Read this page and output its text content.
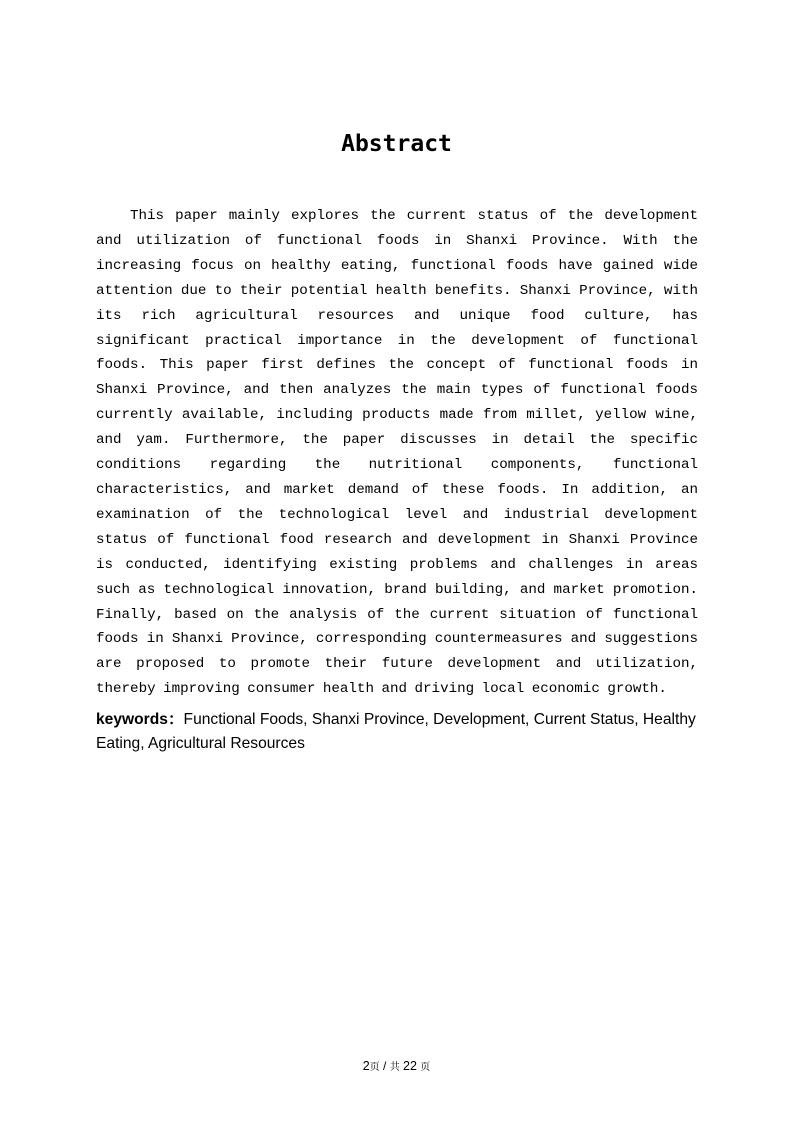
Abstract

This paper mainly explores the current status of the development and utilization of functional foods in Shanxi Province. With the increasing focus on healthy eating, functional foods have gained wide attention due to their potential health benefits. Shanxi Province, with its rich agricultural resources and unique food culture, has significant practical importance in the development of functional foods. This paper first defines the concept of functional foods in Shanxi Province, and then analyzes the main types of functional foods currently available, including products made from millet, yellow wine, and yam. Furthermore, the paper discusses in detail the specific conditions regarding the nutritional components, functional characteristics, and market demand of these foods. In addition, an examination of the technological level and industrial development status of functional food research and development in Shanxi Province is conducted, identifying existing problems and challenges in areas such as technological innovation, brand building, and market promotion. Finally, based on the analysis of the current situation of functional foods in Shanxi Province, corresponding countermeasures and suggestions are proposed to promote their future development and utilization, thereby improving consumer health and driving local economic growth.

keywords：Functional Foods, Shanxi Province, Development, Current Status, Healthy Eating, Agricultural Resources

2页 / 共 22 页
